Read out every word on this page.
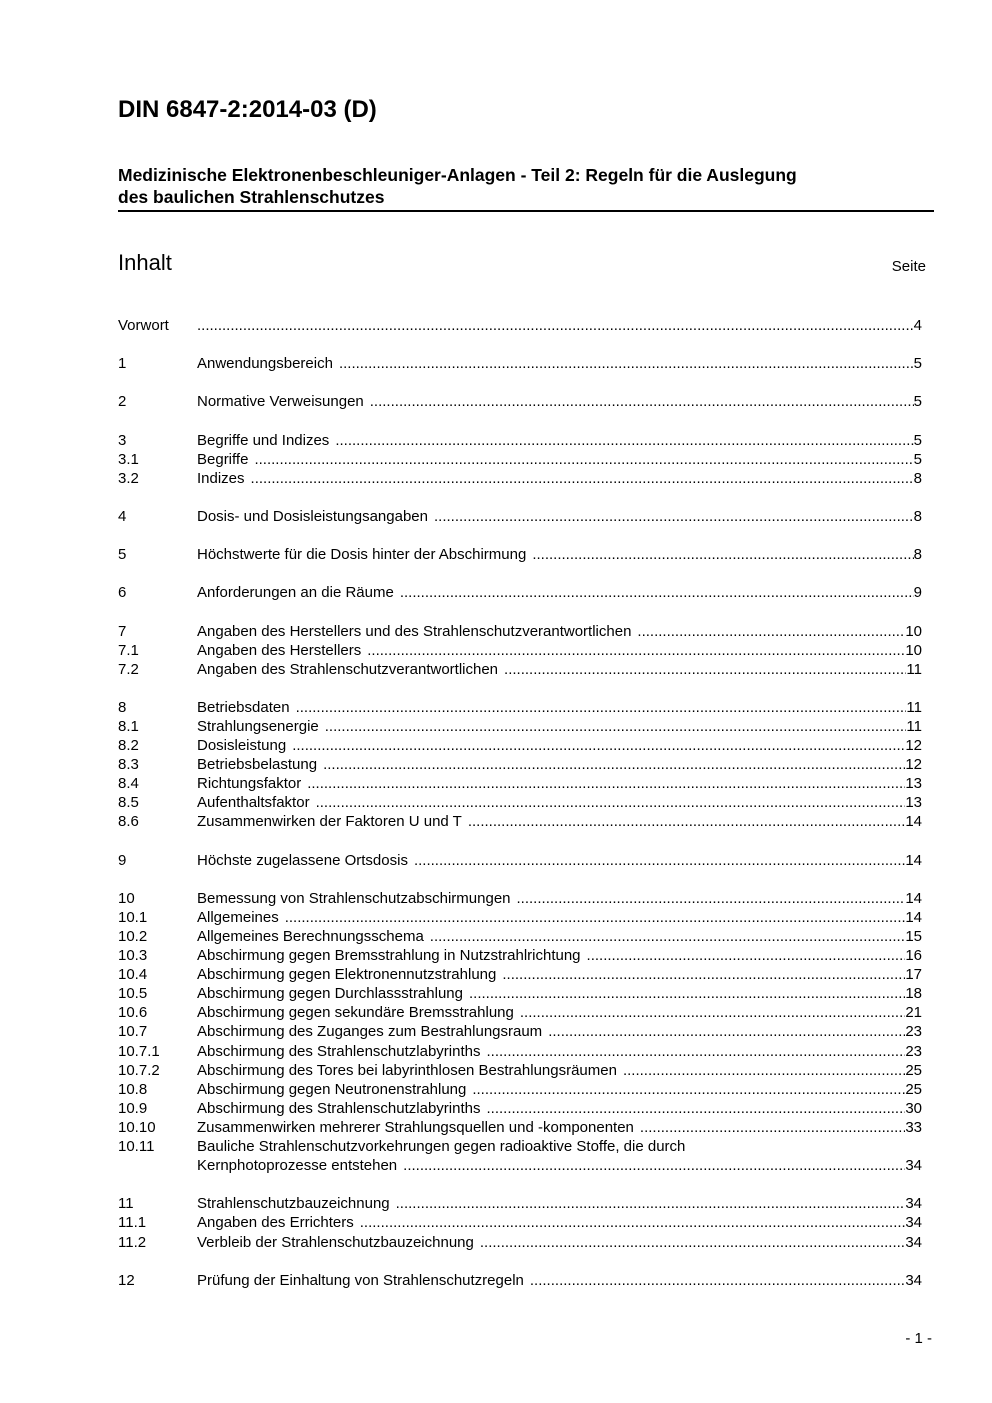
DIN 6847-2:2014-03 (D)
Medizinische Elektronenbeschleuniger-Anlagen - Teil 2: Regeln für die Auslegung
des baulichen Strahlenschutzes
Inhalt	Seite
Vorwort .....	4
1	Anwendungsbereich .....	5
2	Normative Verweisungen .....	5
3	Begriffe und Indizes .....	5
3.1	Begriffe .....	5
3.2	Indizes .....	8
4	Dosis- und Dosisleistungsangaben .....	8
5	Höchstwerte für die Dosis hinter der Abschirmung .....	8
6	Anforderungen an die Räume .....	9
7	Angaben des Herstellers und des Strahlenschutzverantwortlichen .....	10
7.1	Angaben des Herstellers .....	10
7.2	Angaben des Strahlenschutzverantwortlichen .....	11
8	Betriebsdaten .....	11
8.1	Strahlungsenergie .....	11
8.2	Dosisleistung .....	12
8.3	Betriebsbelastung .....	12
8.4	Richtungsfaktor .....	13
8.5	Aufenthaltsfaktor .....	13
8.6	Zusammenwirken der Faktoren U und T .....	14
9	Höchste zugelassene Ortsdosis .....	14
10	Bemessung von Strahlenschutzabschirmungen .....	14
10.1	Allgemeines .....	14
10.2	Allgemeines Berechnungsschema .....	15
10.3	Abschirmung gegen Bremsstrahlung in Nutzstrahlrichtung .....	16
10.4	Abschirmung gegen Elektronennutzstrahlung .....	17
10.5	Abschirmung gegen Durchlassstrahlung .....	18
10.6	Abschirmung gegen sekundäre Bremsstrahlung .....	21
10.7	Abschirmung des Zuganges zum Bestrahlungsraum .....	23
10.7.1 Abschirmung des Strahlenschutzlabyrinths .....	23
10.7.2 Abschirmung des Tores bei labyrinthlosen Bestrahlungsräumen .....	25
10.8	Abschirmung gegen Neutronenstrahlung .....	25
10.9	Abschirmung des Strahlenschutzlabyrinths .....	30
10.10	Zusammenwirken mehrerer Strahlungsquellen und -komponenten .....	33
10.11	Bauliche Strahlenschutzvorkehrungen gegen radioaktive Stoffe, die durch
Kernphotoprozesse entstehen .....	34
11	Strahlenschutzbauzeichnung .....	34
11.1	Angaben des Errichters .....	34
11.2	Verbleib der Strahlenschutzbauzeichnung .....	34
12	Prüfung der Einhaltung von Strahlenschutzregeln .....	34
- 1 -
